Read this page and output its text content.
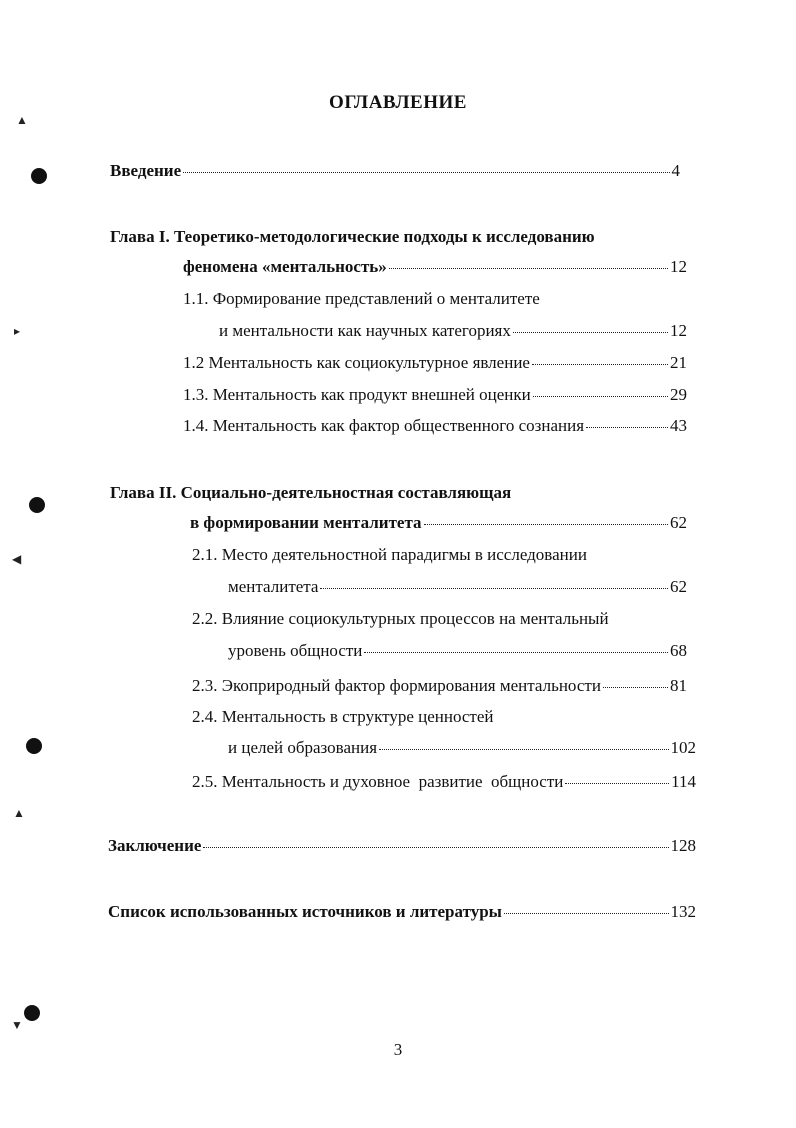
ОГЛАВЛЕНИЕ
Введение	4
Глава I. Теоретико-методологические подходы к исследованию
феномена «ментальность»	12
1.1. Формирование представлений о менталитете
и ментальности как научных категориях	12
1.2 Ментальность как социокультурное явление	21
1.3. Ментальность как продукт внешней оценки	29
1.4. Ментальность как фактор общественного сознания	43
Глава II. Социально-деятельностная составляющая
в формировании менталитета	62
2.1. Место деятельностной парадигмы в исследовании
менталитета	62
2.2. Влияние социокультурных процессов на ментальный
уровень общности	68
2.3. Экоприродный фактор формирования ментальности	81
2.4. Ментальность в структуре ценностей
и целей образования	102
2.5. Ментальность и духовное  развитие  общности	114
Заключение	128
Список использованных источников и литературы	132
3
▲
▸
◀
▲
▼
